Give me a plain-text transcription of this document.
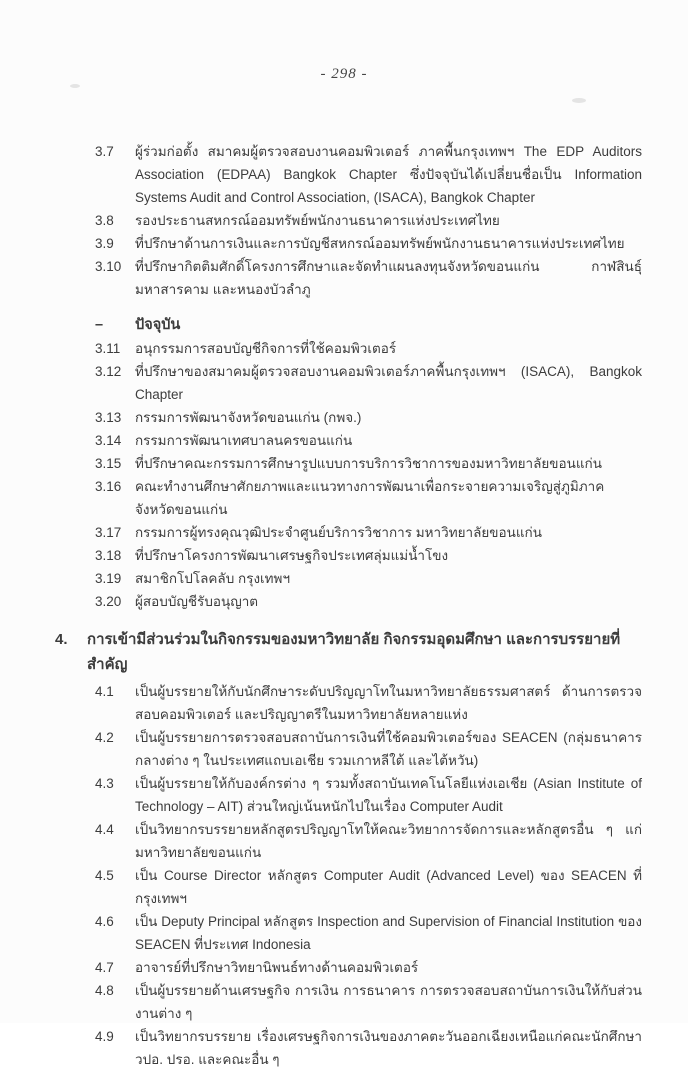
- 298 -
3.7	ผู้ร่วมก่อตั้ง สมาคมผู้ตรวจสอบงานคอมพิวเตอร์ ภาคพื้นกรุงเทพฯ The EDP Auditors Association (EDPAA) Bangkok Chapter ซึ่งปัจจุบันได้เปลี่ยนชื่อเป็น Information Systems Audit and Control Association, (ISACA), Bangkok Chapter
3.8	รองประธานสหกรณ์ออมทรัพย์พนักงานธนาคารแห่งประเทศไทย
3.9	ที่ปรึกษาด้านการเงินและการบัญชีสหกรณ์ออมทรัพย์พนักงานธนาคารแห่งประเทศไทย
3.10	ที่ปรึกษากิตติมศักดิ์โครงการศึกษาและจัดทำแผนลงทุนจังหวัดขอนแก่น กาฬสินธุ์ มหาสารคาม และหนองบัวลำภู
–	ปัจจุบัน
3.11	อนุกรรมการสอบบัญชีกิจการที่ใช้คอมพิวเตอร์
3.12	ที่ปรึกษาของสมาคมผู้ตรวจสอบงานคอมพิวเตอร์ภาคพื้นกรุงเทพฯ (ISACA), Bangkok Chapter
3.13	กรรมการพัฒนาจังหวัดขอนแก่น (กพจ.)
3.14	กรรมการพัฒนาเทศบาลนครขอนแก่น
3.15	ที่ปรึกษาคณะกรรมการศึกษารูปแบบการบริการวิชาการของมหาวิทยาลัยขอนแก่น
3.16	คณะทำงานศึกษาศักยภาพและแนวทางการพัฒนาเพื่อกระจายความเจริญสู่ภูมิภาคจังหวัดขอนแก่น
3.17	กรรมการผู้ทรงคุณวุฒิประจำศูนย์บริการวิชาการ มหาวิทยาลัยขอนแก่น
3.18	ที่ปรึกษาโครงการพัฒนาเศรษฐกิจประเทศลุ่มแม่น้ำโขง
3.19	สมาชิกโปโลคลับ กรุงเทพฯ
3.20	ผู้สอบบัญชีรับอนุญาต
4.	การเข้ามีส่วนร่วมในกิจกรรมของมหาวิทยาลัย กิจกรรมอุดมศึกษา และการบรรยายที่สำคัญ
4.1	เป็นผู้บรรยายให้กับนักศึกษาระดับปริญญาโทในมหาวิทยาลัยธรรมศาสตร์ ด้านการตรวจสอบคอมพิวเตอร์ และปริญญาตรีในมหาวิทยาลัยหลายแห่ง
4.2	เป็นผู้บรรยายการตรวจสอบสถาบันการเงินที่ใช้คอมพิวเตอร์ของ SEACEN (กลุ่มธนาคารกลางต่าง ๆ ในประเทศแถบเอเชีย รวมเกาหลีใต้ และไต้หวัน)
4.3	เป็นผู้บรรยายให้กับองค์กรต่าง ๆ รวมทั้งสถาบันเทคโนโลยีแห่งเอเชีย (Asian Institute of Technology – AIT) ส่วนใหญ่เน้นหนักไปในเรื่อง Computer Audit
4.4	เป็นวิทยากรบรรยายหลักสูตรปริญญาโทให้คณะวิทยาการจัดการและหลักสูตรอื่น ๆ แก่มหาวิทยาลัยขอนแก่น
4.5	เป็น Course Director หลักสูตร Computer Audit (Advanced Level) ของ SEACEN ที่กรุงเทพฯ
4.6	เป็น Deputy Principal หลักสูตร Inspection and Supervision of Financial Institution ของ SEACEN ที่ประเทศ Indonesia
4.7	อาจารย์ที่ปรึกษาวิทยานิพนธ์ทางด้านคอมพิวเตอร์
4.8	เป็นผู้บรรยายด้านเศรษฐกิจ การเงิน การธนาคาร การตรวจสอบสถาบันการเงินให้กับส่วนงานต่าง ๆ
4.9	เป็นวิทยากรบรรยาย เรื่องเศรษฐกิจการเงินของภาคตะวันออกเฉียงเหนือแก่คณะนักศึกษา วปอ. ปรอ. และคณะอื่น ๆ
